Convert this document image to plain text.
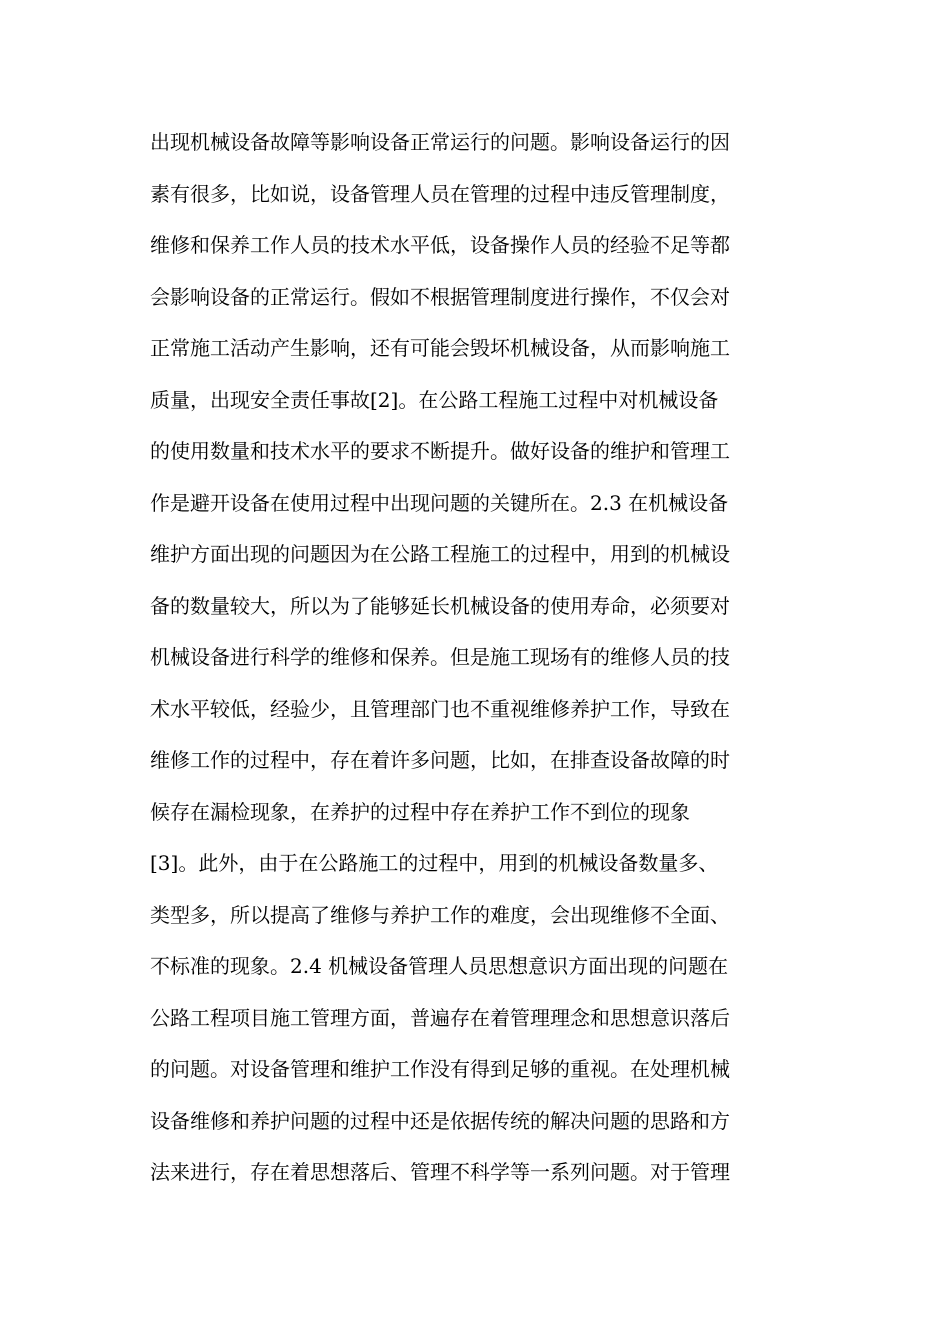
出现机械设备故障等影响设备正常运行的问题。影响设备运行的因
素有很多，比如说，设备管理人员在管理的过程中违反管理制度，
维修和保养工作人员的技术水平低，设备操作人员的经验不足等都
会影响设备的正常运行。假如不根据管理制度进行操作，不仅会对
正常施工活动产生影响，还有可能会毁坏机械设备，从而影响施工
质量，出现安全责任事故[2]。在公路工程施工过程中对机械设备
的使用数量和技术水平的要求不断提升。做好设备的维护和管理工
作是避开设备在使用过程中出现问题的关键所在。2.3 在机械设备
维护方面出现的问题因为在公路工程施工的过程中，用到的机械设
备的数量较大，所以为了能够延长机械设备的使用寿命，必须要对
机械设备进行科学的维修和保养。但是施工现场有的维修人员的技
术水平较低，经验少，且管理部门也不重视维修养护工作，导致在
维修工作的过程中，存在着许多问题，比如，在排查设备故障的时
候存在漏检现象，在养护的过程中存在养护工作不到位的现象
[3]。此外，由于在公路施工的过程中，用到的机械设备数量多、
类型多，所以提高了维修与养护工作的难度，会出现维修不全面、
不标准的现象。2.4 机械设备管理人员思想意识方面出现的问题在
公路工程项目施工管理方面，普遍存在着管理理念和思想意识落后
的问题。对设备管理和维护工作没有得到足够的重视。在处理机械
设备维修和养护问题的过程中还是依据传统的解决问题的思路和方
法来进行，存在着思想落后、管理不科学等一系列问题。对于管理
